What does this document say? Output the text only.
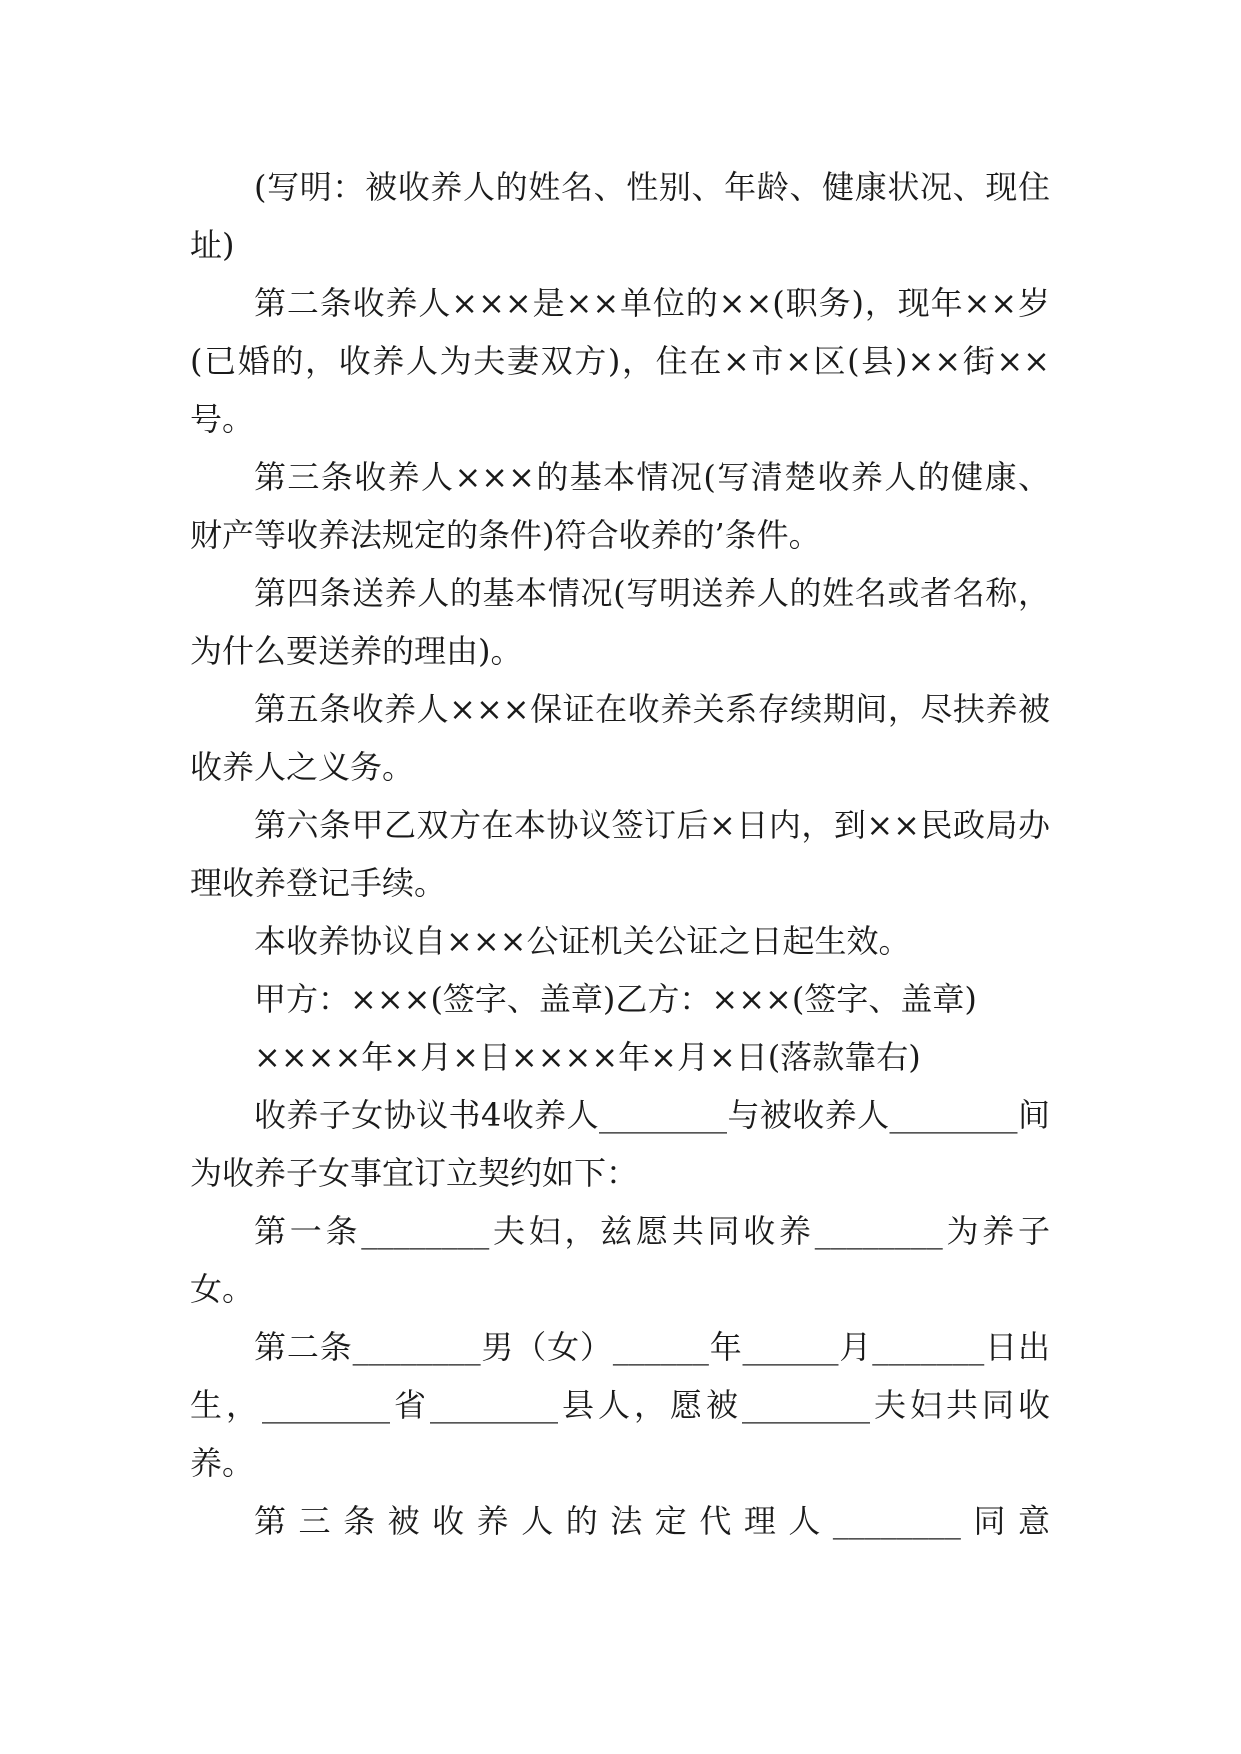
(写明：被收养人的姓名、性别、年龄、健康状况、现住址)

第二条收养人×××是××单位的××(职务)，现年××岁(已婚的，收养人为夫妻双方)，住在×市×区(县)××街××号。

第三条收养人×××的基本情况(写清楚收养人的健康、财产等收养法规定的条件)符合收养的’条件。

第四条送养人的基本情况(写明送养人的姓名或者名称，为什么要送养的理由)。

第五条收养人×××保证在收养关系存续期间，尽扶养被收养人之义务。

第六条甲乙双方在本协议签订后×日内，到××民政局办理收养登记手续。

本收养协议自×××公证机关公证之日起生效。

甲方：×××(签字、盖章)乙方：×××(签字、盖章)

××××年×月×日××××年×月×日(落款靠右)

收养子女协议书4收养人________与被收养人________间为收养子女事宜订立契约如下：

第一条________夫妇，兹愿共同收养________为养子女。

第二条________男（女）______年______月_______日出生，________省________县人，愿被________夫妇共同收养。

第三条被收养人的法定代理人________同意
